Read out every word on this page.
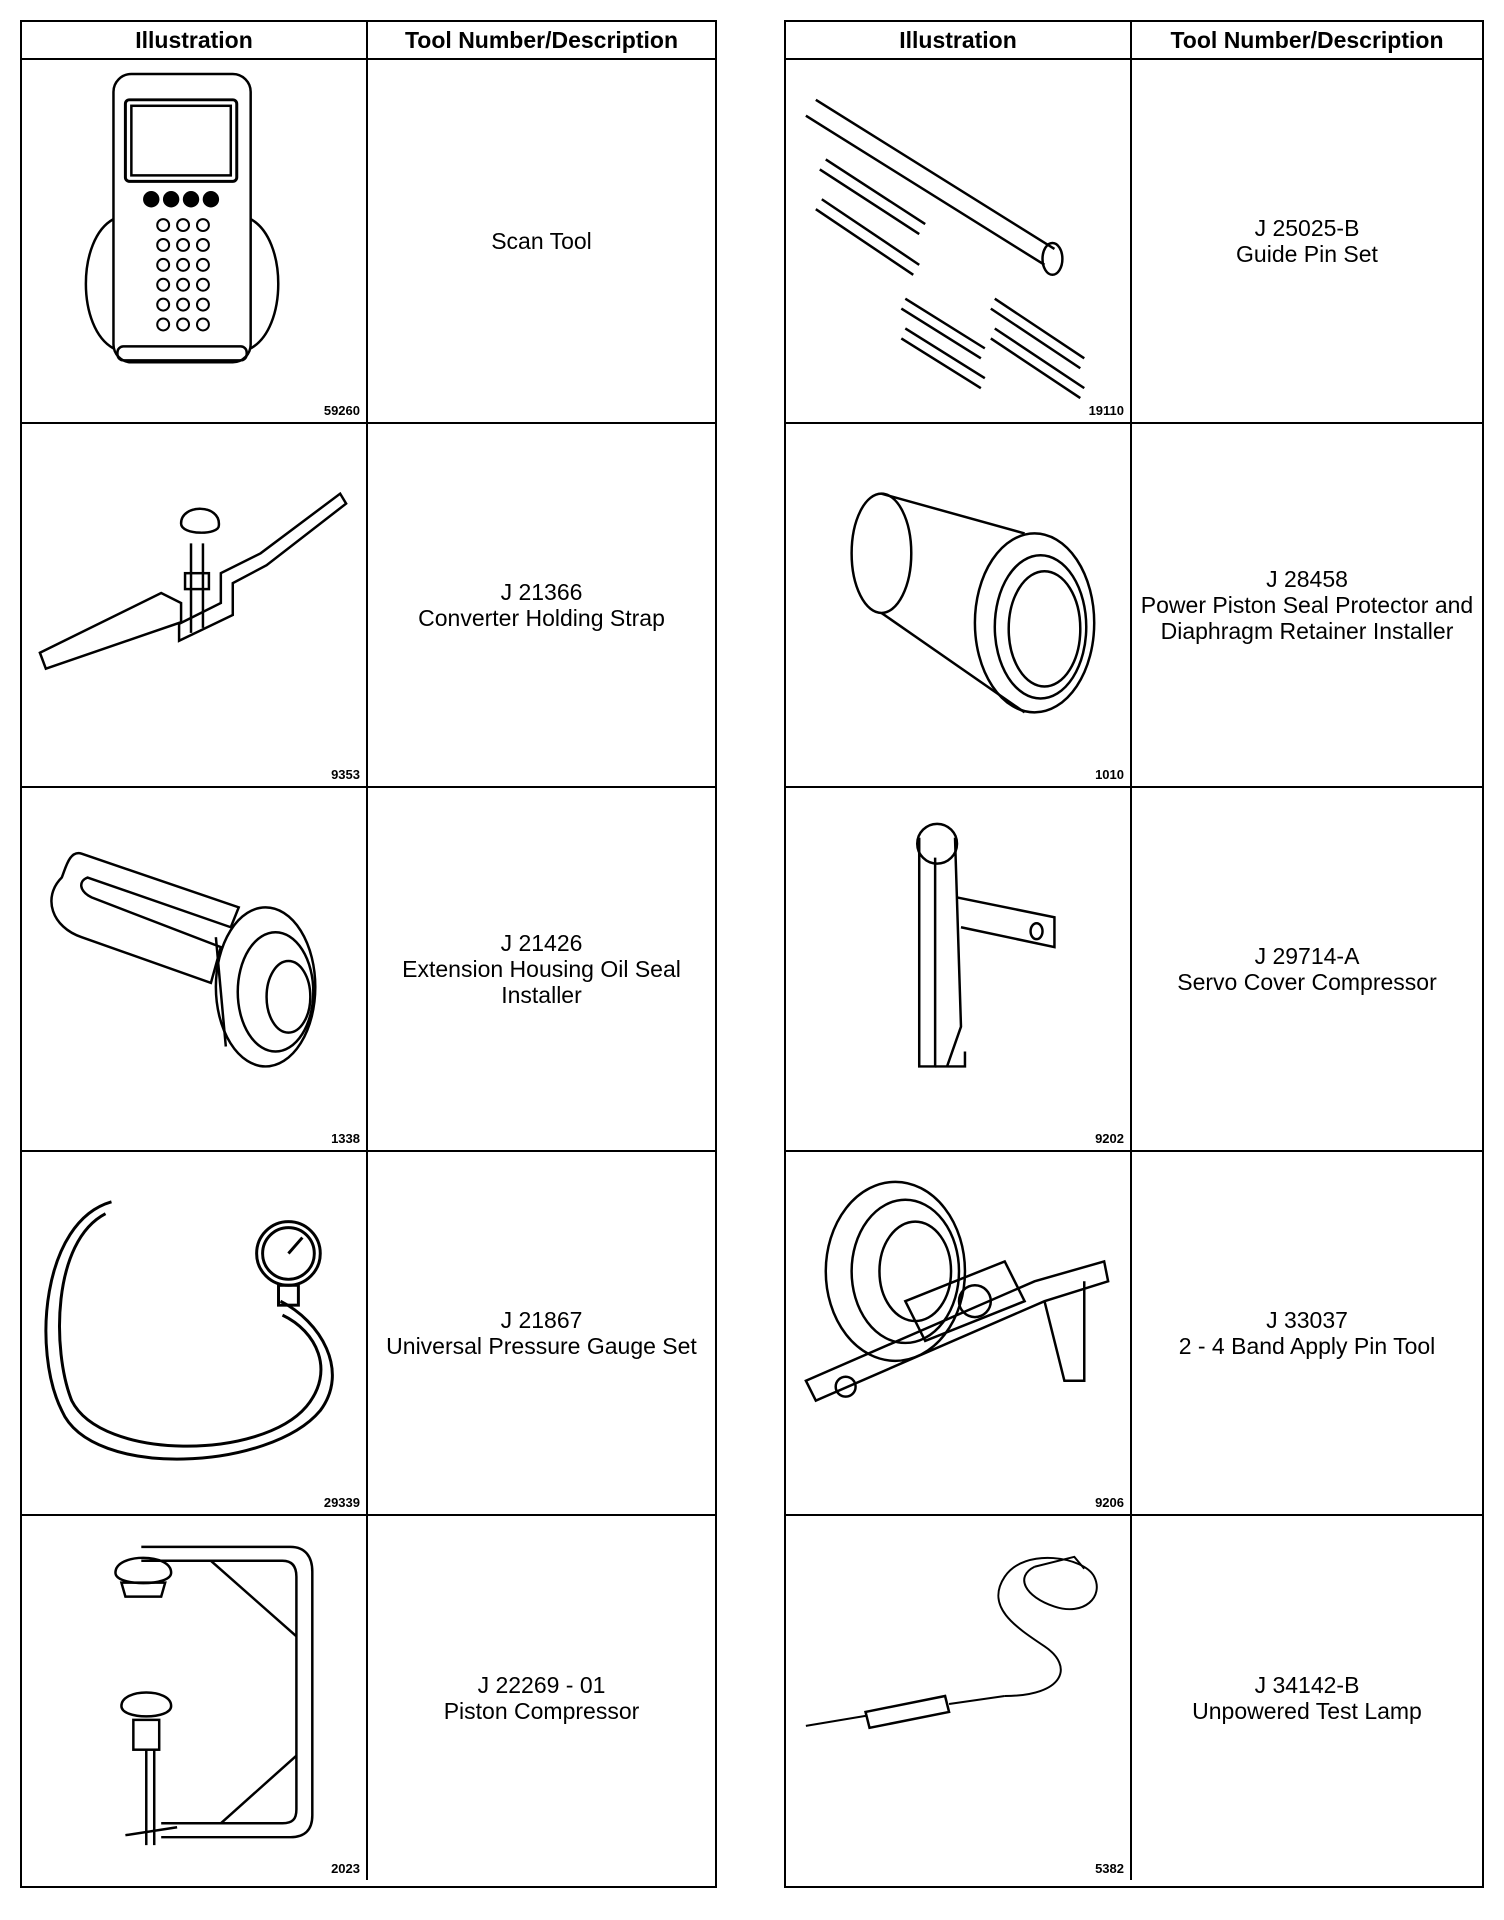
Illustration	Tool Number/Description
59260
Scan Tool
9353
J 21366
Converter Holding Strap
1338
J 21426
Extension Housing Oil Seal Installer
29339
J 21867
Universal Pressure Gauge Set
2023
J 22269 - 01
Piston Compressor
Illustration	Tool Number/Description
19110
J 25025-B
Guide Pin Set
1010
J 28458
Power Piston Seal Protector and Diaphragm Retainer Installer
9202
J 29714-A
Servo Cover Compressor
9206
J 33037
2 - 4 Band Apply Pin Tool
5382
J 34142-B
Unpowered Test Lamp
